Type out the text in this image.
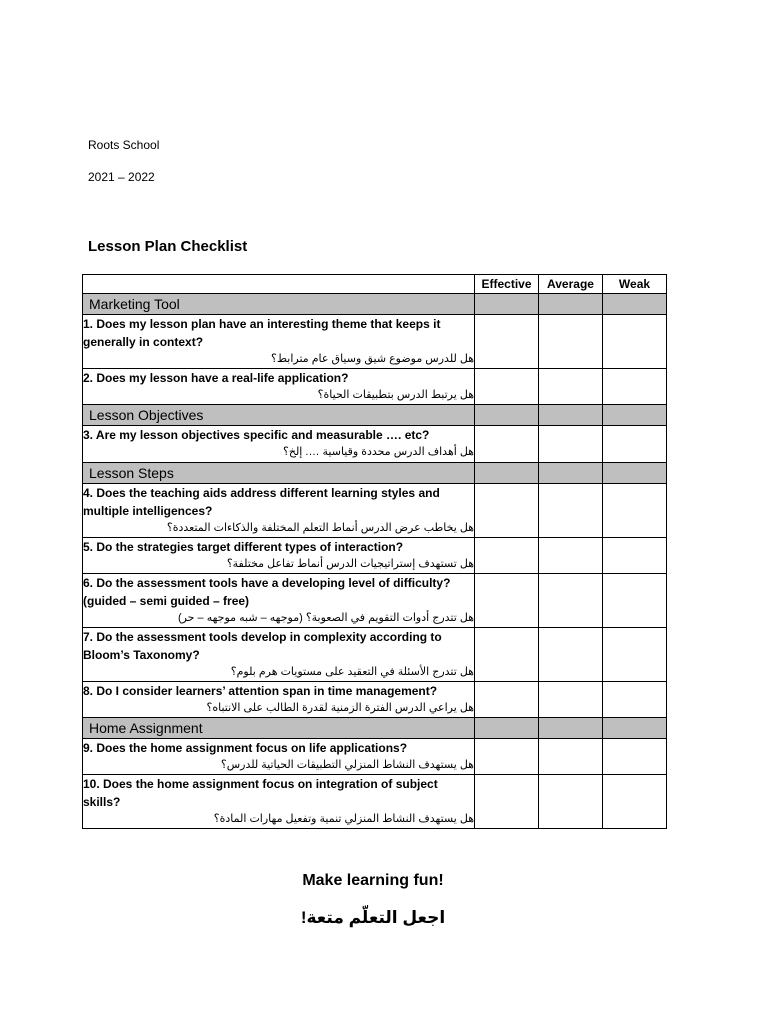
Roots School
2021 – 2022
Lesson Plan Checklist
	Effective	Average	Weak
Marketing Tool			

1. Does my lesson plan have an interesting theme that keeps it generally in context?
هل للدرس موضوع شيق وسياق عام مترابط؟			

2. Does my lesson have a real-life application?
هل يرتبط الدرس بتطبيقات الحياة؟			

Lesson Objectives			

3. Are my lesson objectives specific and measurable …. etc?
هل أهداف الدرس محددة وقياسية …. إلخ؟			

Lesson Steps			

4. Does the teaching aids address different learning styles and multiple intelligences?
هل يخاطب عرض الدرس أنماط التعلم المختلفة والذكاءات المتعددة؟			

5. Do the strategies target different types of interaction?
هل تستهدف إستراتيجيات الدرس أنماط تفاعل مختلفة؟			

6. Do the assessment tools have a developing level of difficulty? (guided – semi guided – free)
هل تتدرج أدوات التقويم في الصعوبة؟ (موجهه – شبه موجهه – حر)			

7. Do the assessment tools develop in complexity according to Bloom’s Taxonomy?
هل تتدرج الأسئلة في التعقيد على مستويات هرم بلوم؟			

8. Do I consider learners’ attention span in time management?
هل يراعي الدرس الفترة الزمنية لقدرة الطالب على الانتباه؟			

Home Assignment			

9. Does the home assignment focus on life applications?
هل يستهدف النشاط المنزلي التطبيقات الحياتية للدرس؟			

10. Does the home assignment focus on integration of subject skills?
هل يستهدف النشاط المنزلي تنمية وتفعيل مهارات المادة؟			

Make learning fun!
اجعل التعلّم متعة!
